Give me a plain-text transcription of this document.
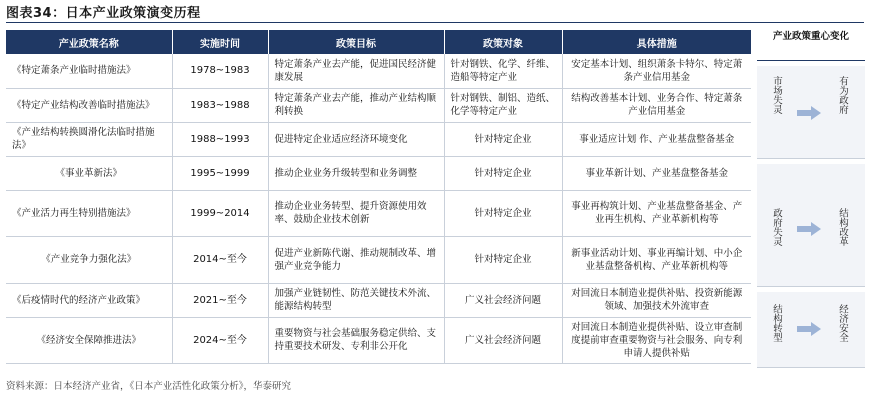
图表34：日本产业政策演变历程
产业政策名称	实施时间	政策目标	政策对象	具体措施
《特定萧条产业临时措施法》	1978~1983	特定萧条产业去产能，促进国民经济健康发展	针对钢铁、化学、纤维、造船等特定产业	安定基本计划、组织萧条卡特尔、特定萧条产业信用基金
《特定产业结构改善临时措施法》	1983~1988	特定萧条产业去产能，推动产业结构顺利转换	针对钢铁、制铝、造纸、化学等特定产业	结构改善基本计划、业务合作、特定萧条产业信用基金
《产业结构转换圆滑化法临时措施法》	1988~1993	促进特定企业适应经济环境变化	针对特定企业	事业适应计划 作、产业基盘整备基金
《事业革新法》	1995~1999	推动企业业务升级转型和业务调整	针对特定企业	事业革新计划、产业基盘整备基金
《产业活力再生特别措施法》	1999~2014	推动企业业务转型、提升资源使用效率、鼓励企业技术创新	针对特定企业	事业再构筑计划、产业基盘整备基金、产业再生机构、产业革新机构等
《产业竞争力强化法》	2014~至今	促进产业新陈代谢、推动规制改革、增强产业竞争能力	针对特定企业	新事业活动计划、事业再编计划、中小企业基盘整备机构、产业革新机构等
《后疫情时代的经济产业政策》	2021~至今	加强产业链韧性、防范关键技术外流、能源结构转型	广义社会经济问题	对回流日本制造业提供补贴、投资新能源领域、加强技术外流审查
《经济安全保障推进法》	2024~至今	重要物资与社会基础服务稳定供给、支持重要技术研发、专利非公开化	广义社会经济问题	对回流日本制造业提供补贴、设立审查制度提前审查重要物资与社会服务、向专利申请人提供补贴
产业政策重心变化
市场失灵	有为政府
政府失灵	结构改革
结构转型	经济安全
资料来源：日本经济产业省，《日本产业活性化政策分析》，华泰研究
